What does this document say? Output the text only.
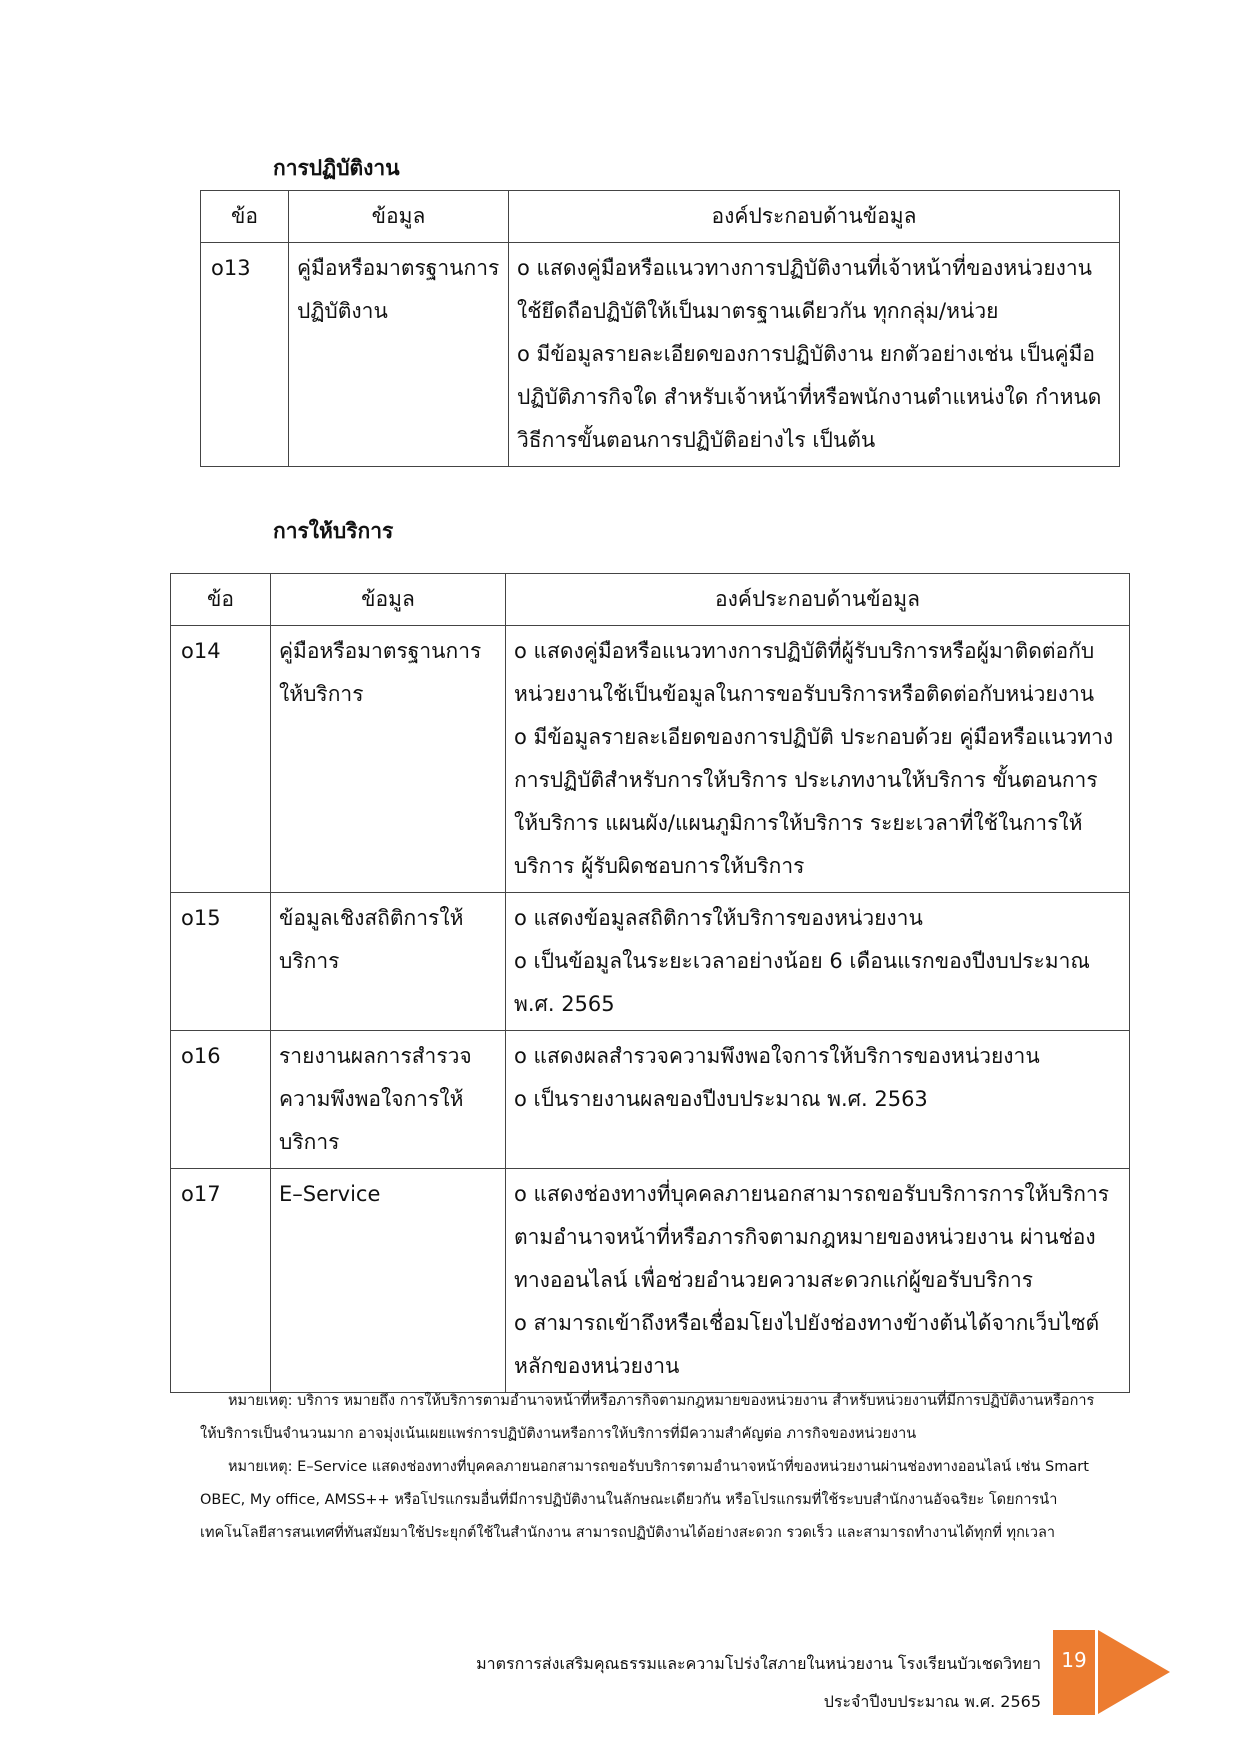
การปฏิบัติงาน
ข้อ	ข้อมูล	องค์ประกอบด้านข้อมูล
o13	คู่มือหรือมาตรฐานการปฏิบัติงาน	o แสดงคู่มือหรือแนวทางการปฏิบัติงานที่เจ้าหน้าที่ของหน่วยงานใช้ยึดถือปฏิบัติให้เป็นมาตรฐานเดียวกัน ทุกกลุ่ม/หน่วย
o มีข้อมูลรายละเอียดของการปฏิบัติงาน ยกตัวอย่างเช่น เป็นคู่มือปฏิบัติภารกิจใด สำหรับเจ้าหน้าที่หรือพนักงานตำแหน่งใด กำหนดวิธีการขั้นตอนการปฏิบัติอย่างไร เป็นต้น
การให้บริการ
ข้อ	ข้อมูล	องค์ประกอบด้านข้อมูล
o14	คู่มือหรือมาตรฐานการให้บริการ	o แสดงคู่มือหรือแนวทางการปฏิบัติที่ผู้รับบริการหรือผู้มาติดต่อกับหน่วยงานใช้เป็นข้อมูลในการขอรับบริการหรือติดต่อกับหน่วยงาน
o มีข้อมูลรายละเอียดของการปฏิบัติ ประกอบด้วย คู่มือหรือแนวทางการปฏิบัติสำหรับการให้บริการ ประเภทงานให้บริการ ขั้นตอนการให้บริการ แผนผัง/แผนภูมิการให้บริการ ระยะเวลาที่ใช้ในการให้บริการ ผู้รับผิดชอบการให้บริการ

o15	ข้อมูลเชิงสถิติการให้บริการ	o แสดงข้อมูลสถิติการให้บริการของหน่วยงาน
o เป็นข้อมูลในระยะเวลาอย่างน้อย 6 เดือนแรกของปีงบประมาณ พ.ศ. 2565

o16	รายงานผลการสำรวจความพึงพอใจการให้บริการ	o แสดงผลสำรวจความพึงพอใจการให้บริการของหน่วยงาน
o เป็นรายงานผลของปีงบประมาณ พ.ศ. 2563

o17	E–Service	o แสดงช่องทางที่บุคคลภายนอกสามารถขอรับบริการการให้บริการตามอำนาจหน้าที่หรือภารกิจตามกฎหมายของหน่วยงาน ผ่านช่องทางออนไลน์ เพื่อช่วยอำนวยความสะดวกแก่ผู้ขอรับบริการ
o สามารถเข้าถึงหรือเชื่อมโยงไปยังช่องทางข้างต้นได้จากเว็บไซต์หลักของหน่วยงาน

หมายเหตุ: บริการ หมายถึง การให้บริการตามอำนาจหน้าที่หรือภารกิจตามกฎหมายของหน่วยงาน สำหรับหน่วยงานที่มีการปฏิบัติงานหรือการให้บริการเป็นจำนวนมาก อาจมุ่งเน้นเผยแพร่การปฏิบัติงานหรือการให้บริการที่มีความสำคัญต่อ ภารกิจของหน่วยงาน

หมายเหตุ: E–Service แสดงช่องทางที่บุคคลภายนอกสามารถขอรับบริการตามอำนาจหน้าที่ของหน่วยงานผ่านช่องทางออนไลน์ เช่น Smart OBEC, My office, AMSS++ หรือโปรแกรมอื่นที่มีการปฏิบัติงานในลักษณะเดียวกัน หรือโปรแกรมที่ใช้ระบบสำนักงานอัจฉริยะ โดยการนำเทคโนโลยีสารสนเทศที่ทันสมัยมาใช้ประยุกต์ใช้ในสำนักงาน สามารถปฏิบัติงานได้อย่างสะดวก รวดเร็ว และสามารถทำงานได้ทุกที่ ทุกเวลา

มาตรการส่งเสริมคุณธรรมและความโปร่งใสภายในหน่วยงาน โรงเรียนบัวเชดวิทยา
ประจำปีงบประมาณ พ.ศ. 2565
19
